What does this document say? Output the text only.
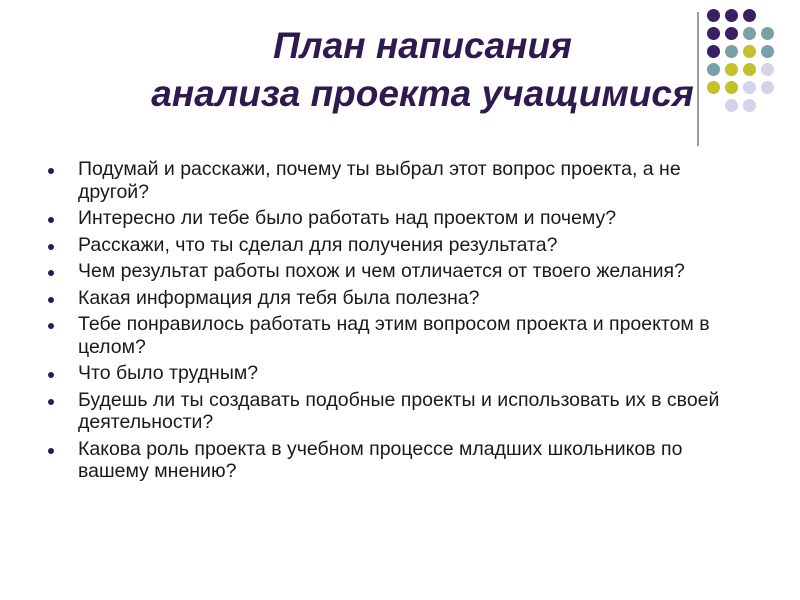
План написания
анализа проекта учащимися
Подумай и расскажи, почему ты выбрал этот вопрос проекта, а не другой?
Интересно ли тебе было работать над проектом и почему?
Расскажи, что ты сделал для получения результата?
Чем результат работы похож и чем отличается от твоего желания?
Какая информация для тебя была полезна?
Тебе понравилось работать над этим вопросом проекта и проектом в целом?
Что было трудным?
Будешь ли ты создавать подобные проекты и использовать их в своей деятельности?
Какова роль проекта в учебном процессе младших школьников по вашему мнению?
